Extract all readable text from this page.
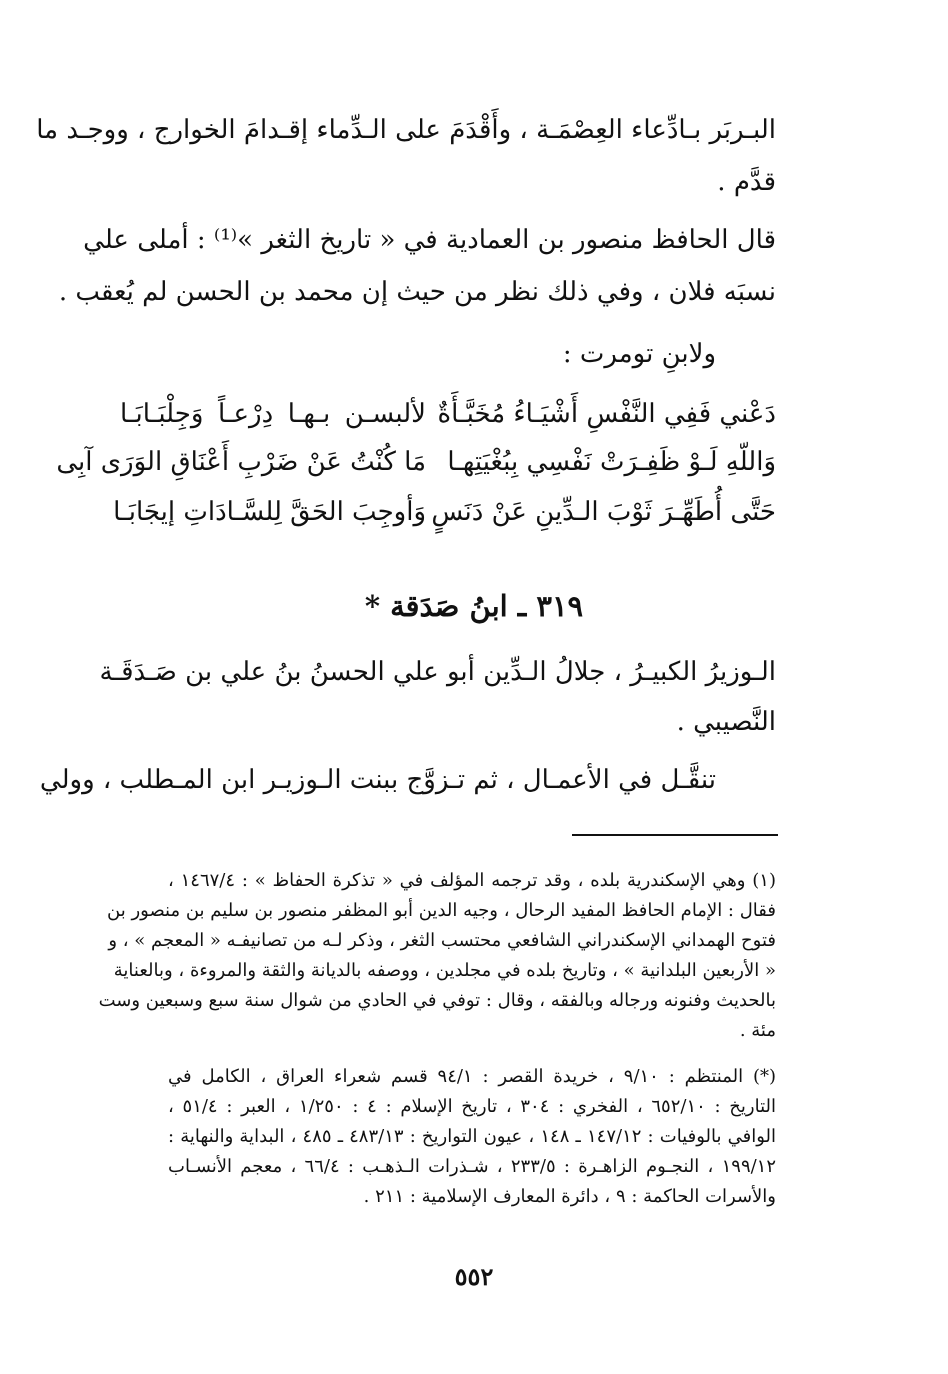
البـربَر بـادِّعاء العِصْمَـة ، وأَقْدَمَ على الـدِّماء إقـدامَ الخوارج ، ووجـد ما
قدَّم .
قال الحافظ منصور بن العمادية في « تاريخ الثغر »⁽¹⁾ : أملى علي
نسبَه فلان ، وفي ذلك نظر من حيث إن محمد بن الحسن لم يُعقب .
ولابنِ تومرت :
دَعْني فَفِي النَّفْسِ أَشْيَـاءُ مُخَبَّـأَةٌ
لألبسـن بـهـا دِرْعـاً وَجِلْبَـابَـا
وَاللّهِ لَـوْ ظَفِـرَتْ نَفْسِي بِبُغْيَتِهـا
مَا كُنْتُ عَنْ ضَرْبِ أَعْنَاقِ الوَرَى آبِى
حَتَّى أُطَهِّـرَ ثَوْبَ الـدِّينِ عَنْ دَنَسٍ
وَأوجِبَ الحَقَّ لِلسَّـادَاتِ إيجَابَـا
٣١٩ ـ ابنُ صَدَقة *
الـوزيرُ الكبيـرُ ، جلالُ الـدِّين أبو علي الحسنُ بنُ علي بن صَـدَقَـة
النَّصيبي .
تنقَّـل في الأعمـال ، ثم تـزوَّج ببنت الـوزيـر ابن المـطلب ، وولي
(١) وهي الإسكندرية بلده ، وقد ترجمه المؤلف في « تذكرة الحفاظ » : ١٤٦٧/٤ ،
فقال : الإمام الحافظ المفيد الرحال ، وجيه الدين أبو المظفر منصور بن سليم بن منصور بن
فتوح الهمداني الإسكندراني الشافعي محتسب الثغر ، وذكر لـه من تصانيفـه « المعجم » ، و
« الأربعين البلدانية » ، وتاريخ بلده في مجلدين ، ووصفه بالديانة والثقة والمروءة ، وبالعناية
بالحديث وفنونه ورجاله وبالفقه ، وقال : توفي في الحادي من شوال سنة سبع وسبعين وست
مئة .
(*) المنتظم : ٩/١٠ ، خريدة القصر : ٩٤/١ قسم شعراء العراق ، الكامل في
التاريخ : ٦٥٢/١٠ ، الفخري : ٣٠٤ ، تاريخ الإسلام : ٤ : ١/٢٥٠ ، العبر : ٥١/٤ ،
الوافي بالوفيات : ١٤٧/١٢ ـ ١٤٨ ، عيون التواريخ : ٤٨٣/١٣ ـ ٤٨٥ ، البداية والنهاية :
١٩٩/١٢ ، النجـوم الزاهـرة : ٢٣٣/٥ ، شـذرات الـذهـب : ٦٦/٤ ، معجم الأنسـاب
والأسرات الحاكمة : ٩ ، دائرة المعارف الإسلامية : ٢١١ .
٥٥٢
